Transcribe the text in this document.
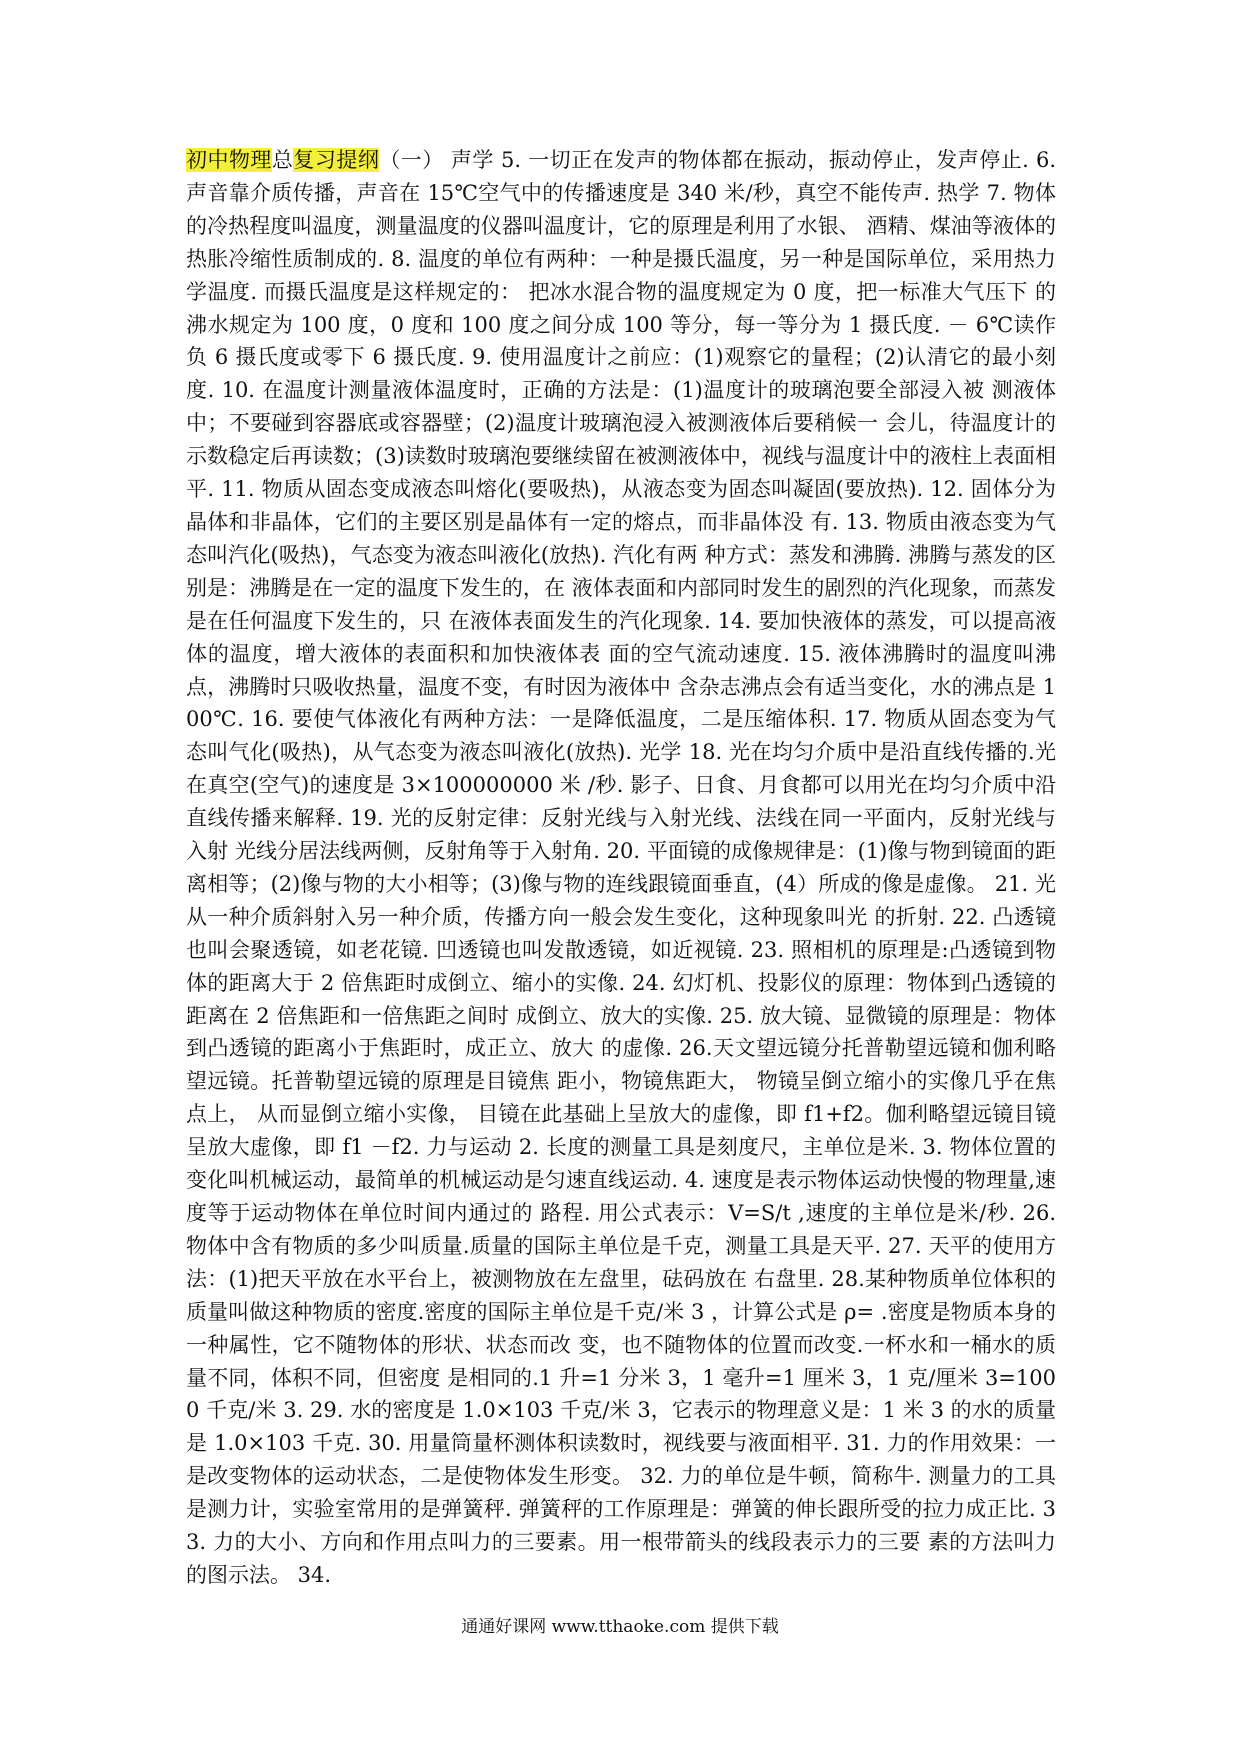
初中物理总复习提纲（一） 声学 5. 一切正在发声的物体都在振动，振动停止，发声停止. 6. 声音靠介质传播，声音在 15℃空气中的传播速度是 340 米/秒，真空不能传声. 热学 7. 物体的冷热程度叫温度，测量温度的仪器叫温度计，它的原理是利用了水银、 酒精、煤油等液体的热胀冷缩性质制成的. 8. 温度的单位有两种：一种是摄氏温度，另一种是国际单位，采用热力学温度. 而摄氏温度是这样规定的： 把冰水混合物的温度规定为 0 度，把一标准大气压下 的沸水规定为 100 度，0 度和 100 度之间分成 100 等分，每一等分为 1 摄氏度. － 6℃读作负 6 摄氏度或零下 6 摄氏度. 9. 使用温度计之前应：(1)观察它的量程；(2)认清它的最小刻度. 10. 在温度计测量液体温度时，正确的方法是：(1)温度计的玻璃泡要全部浸入被 测液体中；不要碰到容器底或容器壁；(2)温度计玻璃泡浸入被测液体后要稍候一 会儿，待温度计的示数稳定后再读数；(3)读数时玻璃泡要继续留在被测液体中，视线与温度计中的液柱上表面相平. 11. 物质从固态变成液态叫熔化(要吸热)，从液态变为固态叫凝固(要放热). 12. 固体分为晶体和非晶体，它们的主要区别是晶体有一定的熔点，而非晶体没 有. 13. 物质由液态变为气态叫汽化(吸热)，气态变为液态叫液化(放热). 汽化有两 种方式：蒸发和沸腾. 沸腾与蒸发的区别是：沸腾是在一定的温度下发生的，在 液体表面和内部同时发生的剧烈的汽化现象，而蒸发是在任何温度下发生的，只 在液体表面发生的汽化现象. 14. 要加快液体的蒸发，可以提高液体的温度，增大液体的表面积和加快液体表 面的空气流动速度. 15. 液体沸腾时的温度叫沸点，沸腾时只吸收热量，温度不变，有时因为液体中 含杂志沸点会有适当变化，水的沸点是 100℃. 16. 要使气体液化有两种方法：一是降低温度，二是压缩体积. 17. 物质从固态变为气态叫气化(吸热)，从气态变为液态叫液化(放热). 光学 18. 光在均匀介质中是沿直线传播的.光在真空(空气)的速度是 3×100000000 米 /秒. 影子、日食、月食都可以用光在均匀介质中沿直线传播来解释. 19. 光的反射定律：反射光线与入射光线、法线在同一平面内，反射光线与入射 光线分居法线两侧，反射角等于入射角. 20. 平面镜的成像规律是：(1)像与物到镜面的距离相等；(2)像与物的大小相等；(3)像与物的连线跟镜面垂直，(4）所成的像是虚像。 21. 光从一种介质斜射入另一种介质，传播方向一般会发生变化，这种现象叫光 的折射. 22. 凸透镜也叫会聚透镜，如老花镜. 凹透镜也叫发散透镜，如近视镜. 23. 照相机的原理是:凸透镜到物体的距离大于 2 倍焦距时成倒立、缩小的实像. 24. 幻灯机、投影仪的原理：物体到凸透镜的距离在 2 倍焦距和一倍焦距之间时 成倒立、放大的实像. 25. 放大镜、显微镜的原理是：物体到凸透镜的距离小于焦距时，成正立、放大 的虚像. 26.天文望远镜分托普勒望远镜和伽利略望远镜。托普勒望远镜的原理是目镜焦 距小，物镜焦距大， 物镜呈倒立缩小的实像几乎在焦点上， 从而显倒立缩小实像， 目镜在此基础上呈放大的虚像，即 f1+f2。伽利略望远镜目镜呈放大虚像，即 f1 －f2. 力与运动 2. 长度的测量工具是刻度尺，主单位是米. 3. 物体位置的变化叫机械运动，最简单的机械运动是匀速直线运动. 4. 速度是表示物体运动快慢的物理量,速度等于运动物体在单位时间内通过的 路程. 用公式表示：V=S/t ,速度的主单位是米/秒. 26. 物体中含有物质的多少叫质量.质量的国际主单位是千克，测量工具是天平. 27. 天平的使用方法：(1)把天平放在水平台上，被测物放在左盘里，砝码放在 右盘里. 28.某种物质单位体积的质量叫做这种物质的密度.密度的国际主单位是千克/米 3 ，计算公式是 ρ= .密度是物质本身的一种属性，它不随物体的形状、状态而改 变，也不随物体的位置而改变.一杯水和一桶水的质量不同，体积不同，但密度 是相同的.1 升=1 分米 3，1 毫升=1 厘米 3，1 克/厘米 3=1000 千克/米 3. 29. 水的密度是 1.0×103 千克/米 3，它表示的物理意义是：1 米 3 的水的质量是 1.0×103 千克. 30. 用量筒量杯测体积读数时，视线要与液面相平. 31. 力的作用效果：一是改变物体的运动状态，二是使物体发生形变。 32. 力的单位是牛顿，简称牛. 测量力的工具是测力计，实验室常用的是弹簧秤. 弹簧秤的工作原理是：弹簧的伸长跟所受的拉力成正比. 33. 力的大小、方向和作用点叫力的三要素。用一根带箭头的线段表示力的三要 素的方法叫力的图示法。 34.
通通好课网 www.tthaoke.com 提供下载
